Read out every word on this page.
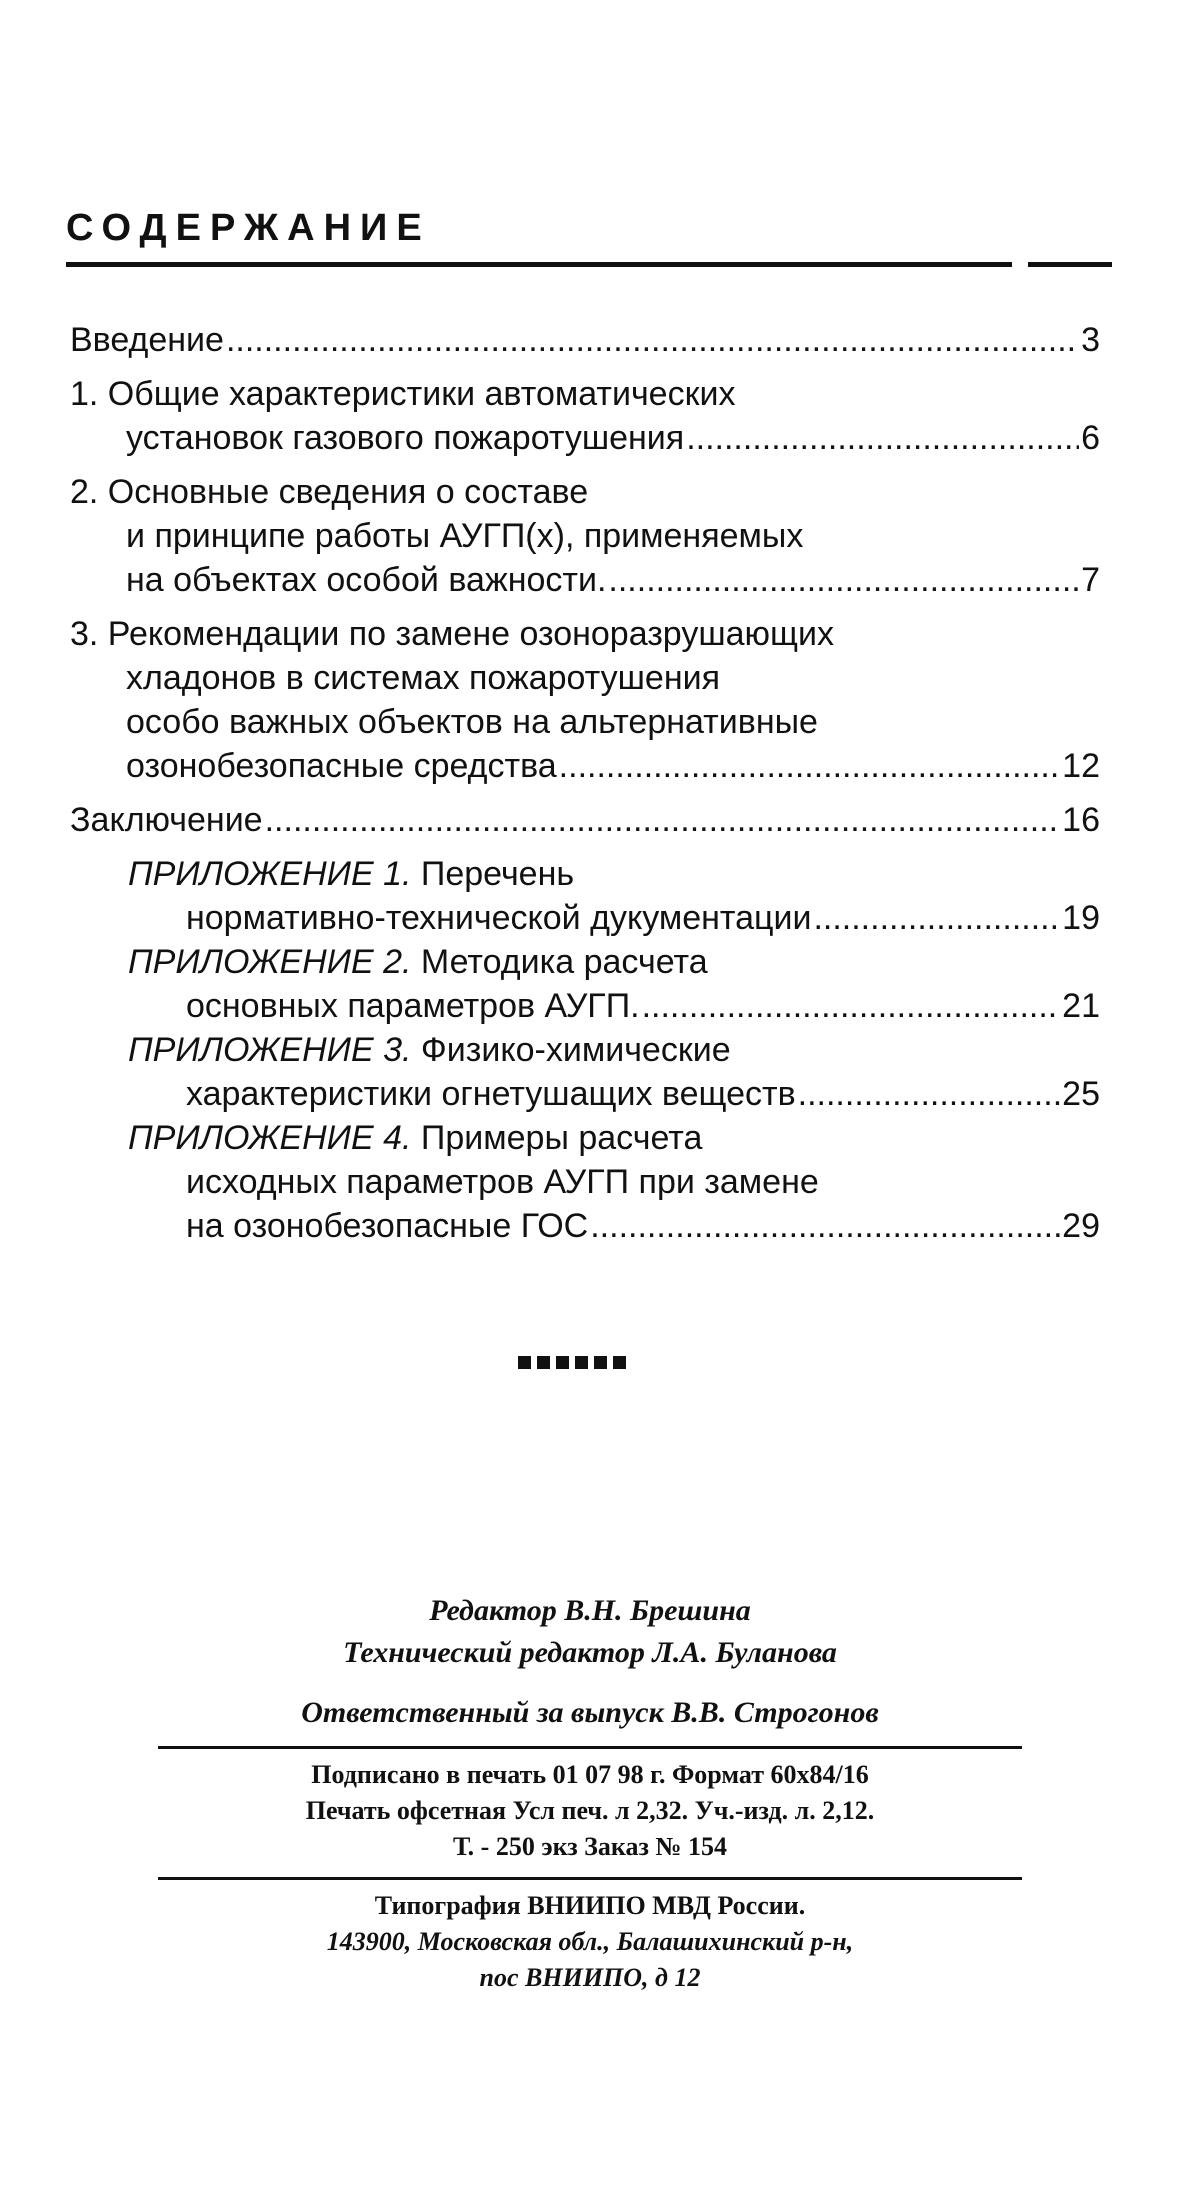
СОДЕРЖАНИЕ
Введение .....	3
1. Общие характеристики автоматических
установок газового пожаротушения .....	6
2. Основные сведения о составе
и принципе работы АУГП(х), применяемых
на объектах особой важности. .....	7
3. Рекомендации по замене озоноразрушающих
хладонов в системах пожаротушения
особо важных объектов на альтернативные
озонобезопасные средства .....	12
Заключение .....	16
ПРИЛОЖЕНИЕ 1. Перечень
нормативно-технической дукументации .....	19
ПРИЛОЖЕНИЕ 2. Методика расчета
основных параметров АУГП. .....	21
ПРИЛОЖЕНИЕ 3. Физико-химические
характеристики огнетушащих веществ .....	25
ПРИЛОЖЕНИЕ 4. Примеры расчета
исходных параметров АУГП при замене
на озонобезопасные ГОС .....	29
Редактор В.Н. Брешина
Технический редактор Л.А. Буланова
Ответственный за выпуск В.В. Строгонов
Подписано в печать 01 07 98 г. Формат 60х84/16
Печать офсетная Усл печ. л 2,32. Уч.-изд. л. 2,12.
Т. - 250 экз Заказ № 154
Типография ВНИИПО МВД России.
143900, Московская обл., Балашихинский р-н,
пос ВНИИПО, д 12
